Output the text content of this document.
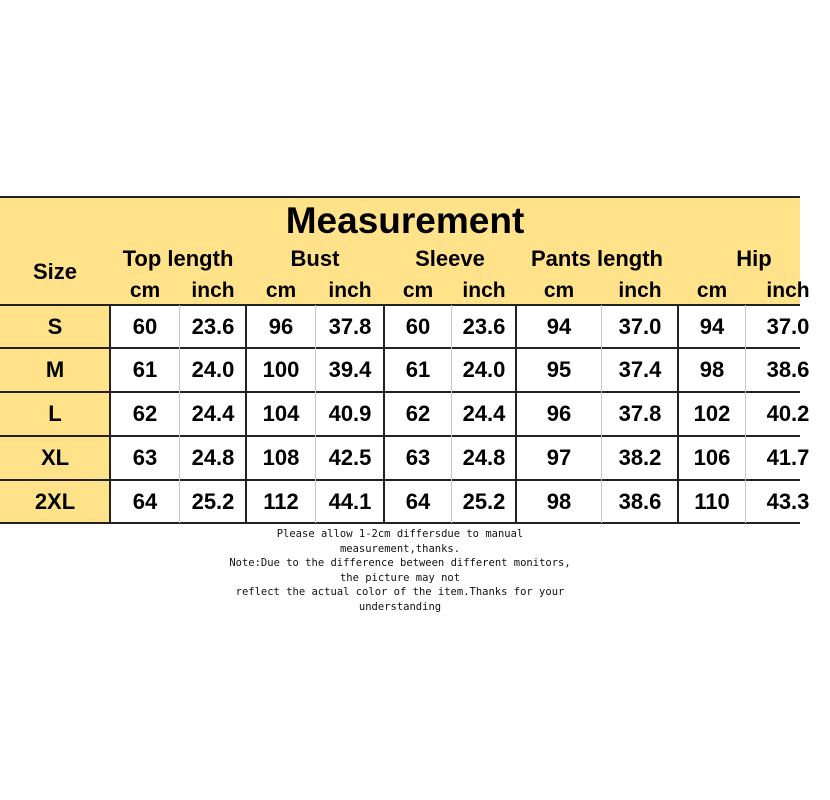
Measurement
Size
Top length
cm	inch
Bust
cm	inch
Sleeve
cm	inch
Pants length
cm	inch
Hip
cm	inch
S	60	23.6	96	37.8	60	23.6	94	37.0	94	37.0
M	61	24.0	100	39.4	61	24.0	95	37.4	98	38.6
L	62	24.4	104	40.9	62	24.4	96	37.8	102	40.2
XL	63	24.8	108	42.5	63	24.8	97	38.2	106	41.7
2XL	64	25.2	112	44.1	64	25.2	98	38.6	110	43.3
Please allow 1-2cm differsdue to manual
measurement,thanks.
Note:Due to the difference between different monitors,
the picture may not
reflect the actual color of the item.Thanks for your
understanding
